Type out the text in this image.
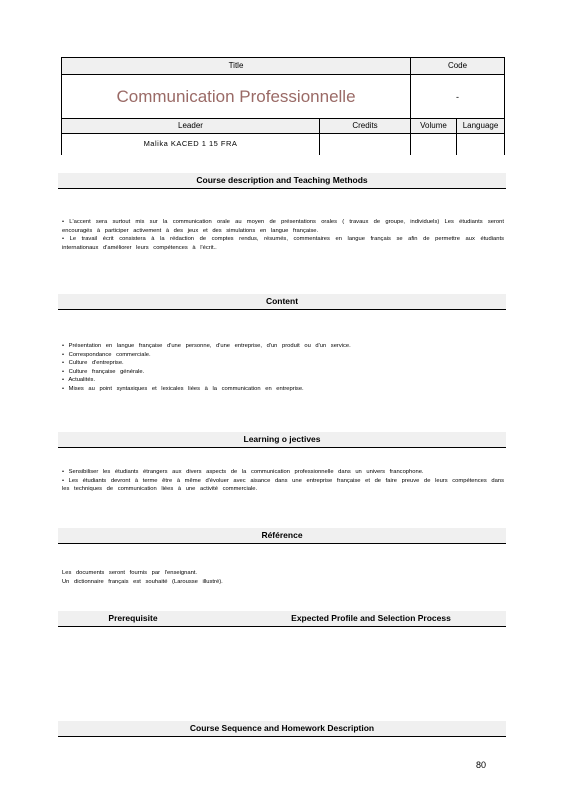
Title	Code
Communication Professionnelle	-
Leader	Credits	Volume	Language
Malika KACED 1 15 FRA
Course description and Teaching Methods

• L'accent sera surtout mis sur la communication orale au moyen de présentations orales ( travaux de groupe, individuels) Les étudiants seront encouragés à participer activement à des jeux et des simulations en langue française.

• Le travail écrit consistera à la rédaction de comptes rendus, résumés, commentaires en langue français se afin de permettre aux étudiants internationaux d'améliorer leurs compétences à l'écrit..

Content

• Présentation en langue française d'une personne, d'une entreprise, d'un produit ou d'un service.

• Correspondance commerciale.

• Culture d'entreprise.

• Culture française générale.

• Actualités.

• Mises au point syntaxiques et lexicales liées à la communication en entreprise.

Learning o jectives

• Sensibiliser les étudiants étrangers aux divers aspects de la communication professionnelle dans un univers francophone.

• Les étudiants devront à terme être à même d'évoluer avec aisance dans une entreprise française et de faire preuve de leurs compétences dans les techniques de communication liées à une activité commerciale.

Référence

Les documents seront fournis par l'enseignant.

Un dictionnaire français est souhaité (Larousse illustré).

Prerequisite	Expected Profile and Selection Process
Course Sequence and Homework Description
80
